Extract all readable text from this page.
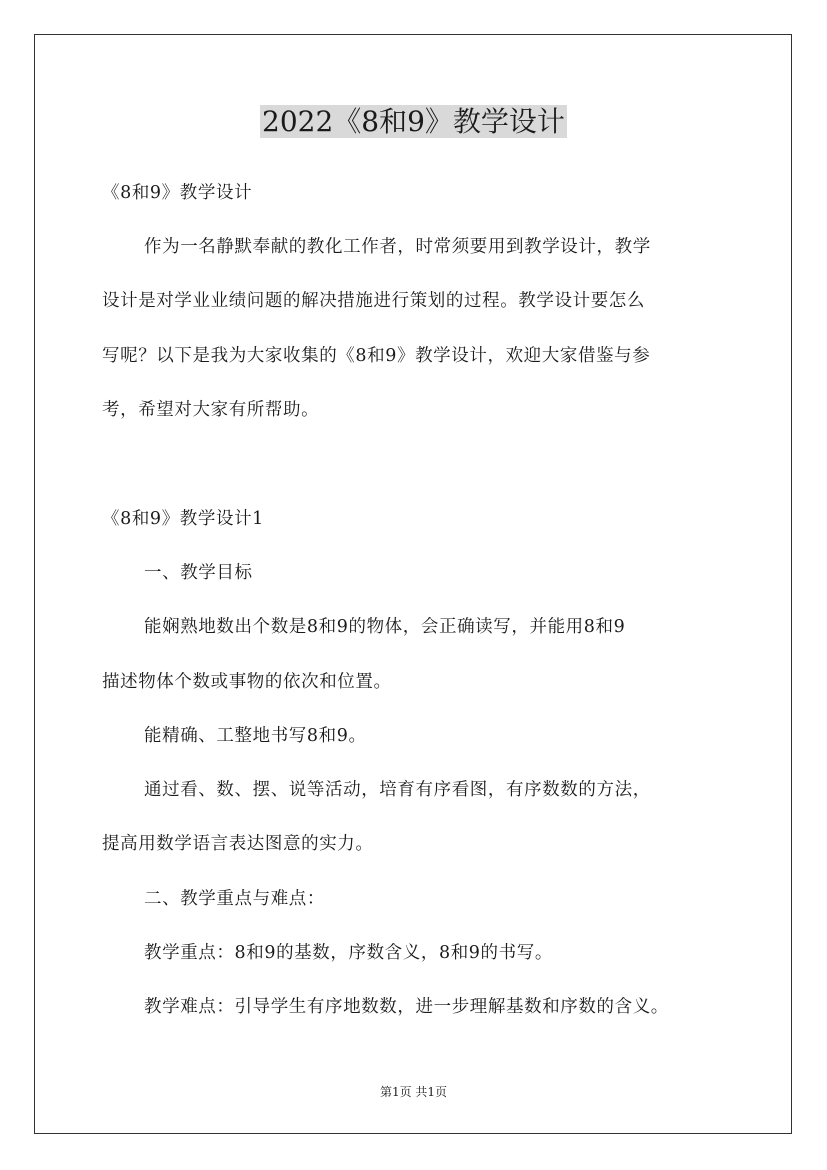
2022《8和9》教学设计
《8和9》教学设计
作为一名静默奉献的教化工作者，时常须要用到教学设计，教学
设计是对学业业绩问题的解决措施进行策划的过程。教学设计要怎么
写呢？以下是我为大家收集的《8和9》教学设计，欢迎大家借鉴与参
考，希望对大家有所帮助。
《8和9》教学设计1
一、教学目标
能娴熟地数出个数是8和9的物体，会正确读写，并能用8和9
描述物体个数或事物的依次和位置。
能精确、工整地书写8和9。
通过看、数、摆、说等活动，培育有序看图，有序数数的方法，
提高用数学语言表达图意的实力。
二、教学重点与难点：
教学重点：8和9的基数，序数含义，8和9的书写。
教学难点：引导学生有序地数数，进一步理解基数和序数的含义。
第1页 共1页
